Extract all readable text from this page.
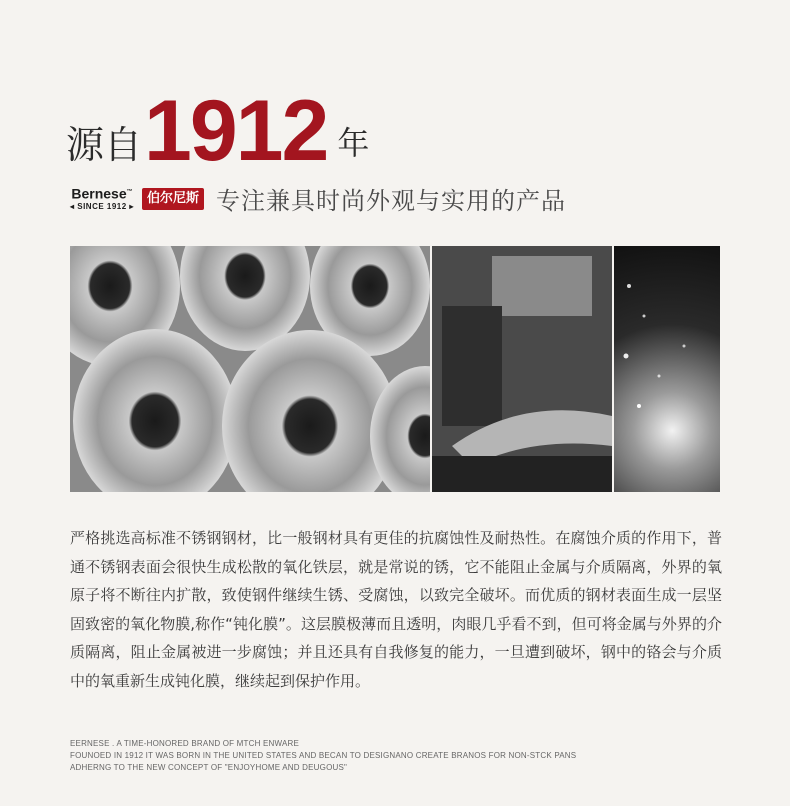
源自 1912 年
Bernese™
◂ SINCE 1912 ▸
伯尔尼斯 专注兼具时尚外观与实用的产品
严格挑选高标准不锈钢钢材，比一般钢材具有更佳的抗腐蚀性及耐热性。在腐蚀介质的作用下，普通不锈钢表面会很快生成松散的氧化铁层，就是常说的锈，它不能阻止金属与介质隔离，外界的氧原子将不断往内扩散，致使钢件继续生锈、受腐蚀，以致完全破坏。而优质的钢材表面生成一层坚固致密的氧化物膜,称作“钝化膜”。这层膜极薄而且透明，肉眼几乎看不到，但可将金属与外界的介质隔离，阻止金属被进一步腐蚀；并且还具有自我修复的能力，一旦遭到破坏，钢中的铬会与介质中的氧重新生成钝化膜，继续起到保护作用。
EERNESE . A TIME-HONORED BRAND OF MTCH ENWARE
FOUNOED IN 1912 IT WAS BORN IN THE UNITED STATES AND BECAN TO DESIGNANO CREATE BRANOS FOR NON-STCK PANS
ADHERNG TO THE NEW CONCEPT OF "ENJOYHOME AND DEUGOUS"
